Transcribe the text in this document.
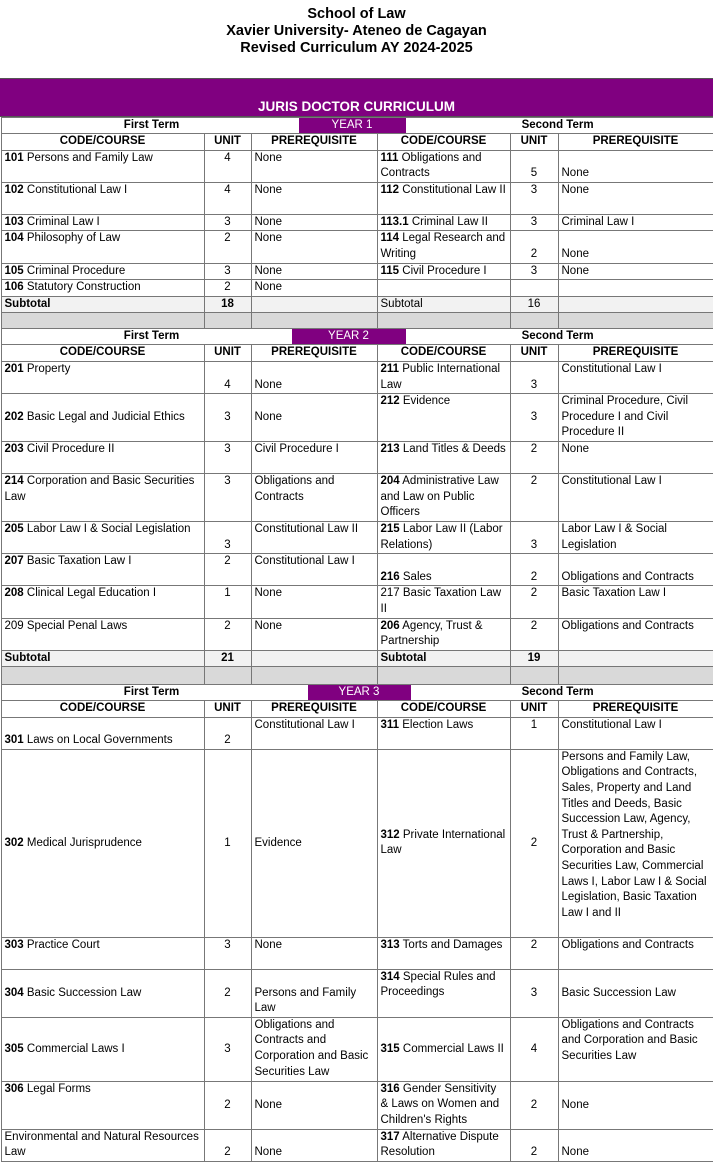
School of Law
Xavier University- Ateneo de Cagayan
Revised Curriculum AY 2024-2025
JURIS DOCTOR CURRICULUM
First Term YEAR 1 Second Term					

CODE/COURSE	UNIT	PREREQUISITE	CODE/COURSE	UNIT	PREREQUISITE
101 Persons and Family Law	4	None	111 Obligations and Contracts	5	None
102 Constitutional Law I	4	None	112 Constitutional Law II	3	None
103 Criminal Law I	3	None	113.1 Criminal Law II	3	Criminal Law I
104 Philosophy of Law	2	None	114 Legal Research and Writing	2	None
105 Criminal Procedure	3	None	115 Civil Procedure I	3	None
106 Statutory Construction	2	None			
Subtotal	18		Subtotal	16	

First Term YEAR 2 Second Term					

CODE/COURSE	UNIT	PREREQUISITE	CODE/COURSE	UNIT	PREREQUISITE
201 Property	4	None	211 Public International Law	3	Constitutional Law I
202 Basic Legal and Judicial Ethics	3	None	212 Evidence	3	Criminal Procedure, Civil Procedure I and Civil Procedure II
203 Civil Procedure II	3	Civil Procedure I	213 Land Titles & Deeds	2	None
214 Corporation and Basic Securities Law	3	Obligations and Contracts	204 Administrative Law and Law on Public Officers	2	Constitutional Law I
205 Labor Law I & Social Legislation	3	Constitutional Law II	215 Labor Law II (Labor Relations)	3	Labor Law I & Social Legislation
207 Basic Taxation Law I	2	Constitutional Law I	216 Sales	2	Obligations and Contracts
208 Clinical Legal Education I	1	None	217 Basic Taxation Law II	2	Basic Taxation Law I
209 Special Penal Laws	2	None	206 Agency, Trust & Partnership	2	Obligations and Contracts
Subtotal	21		Subtotal	19	

First Term YEAR 3 Second Term					

CODE/COURSE	UNIT	PREREQUISITE	CODE/COURSE	UNIT	PREREQUISITE
301 Laws on Local Governments	2	Constitutional Law I	311 Election Laws	1	Constitutional Law I
302 Medical Jurisprudence	1	Evidence	312 Private International Law	2	Persons and Family Law, Obligations and Contracts, Sales, Property and Land Titles and Deeds, Basic Succession Law, Agency, Trust & Partnership, Corporation and Basic Securities Law, Commercial Laws I, Labor Law I & Social Legislation, Basic Taxation Law I and II
303 Practice Court	3	None	313 Torts and Damages	2	Obligations and Contracts
304 Basic Succession Law	2	Persons and Family Law	314 Special Rules and Proceedings	3	Basic Succession Law
305 Commercial Laws I	3	Obligations and Contracts and Corporation and Basic Securities Law	315 Commercial Laws II	4	Obligations and Contracts and Corporation and Basic Securities Law
306 Legal Forms	2	None	316 Gender Sensitivity & Laws on Women and Children's Rights	2	None
Environmental and Natural Resources Law	2	None	317 Alternative Dispute Resolution	2	None
